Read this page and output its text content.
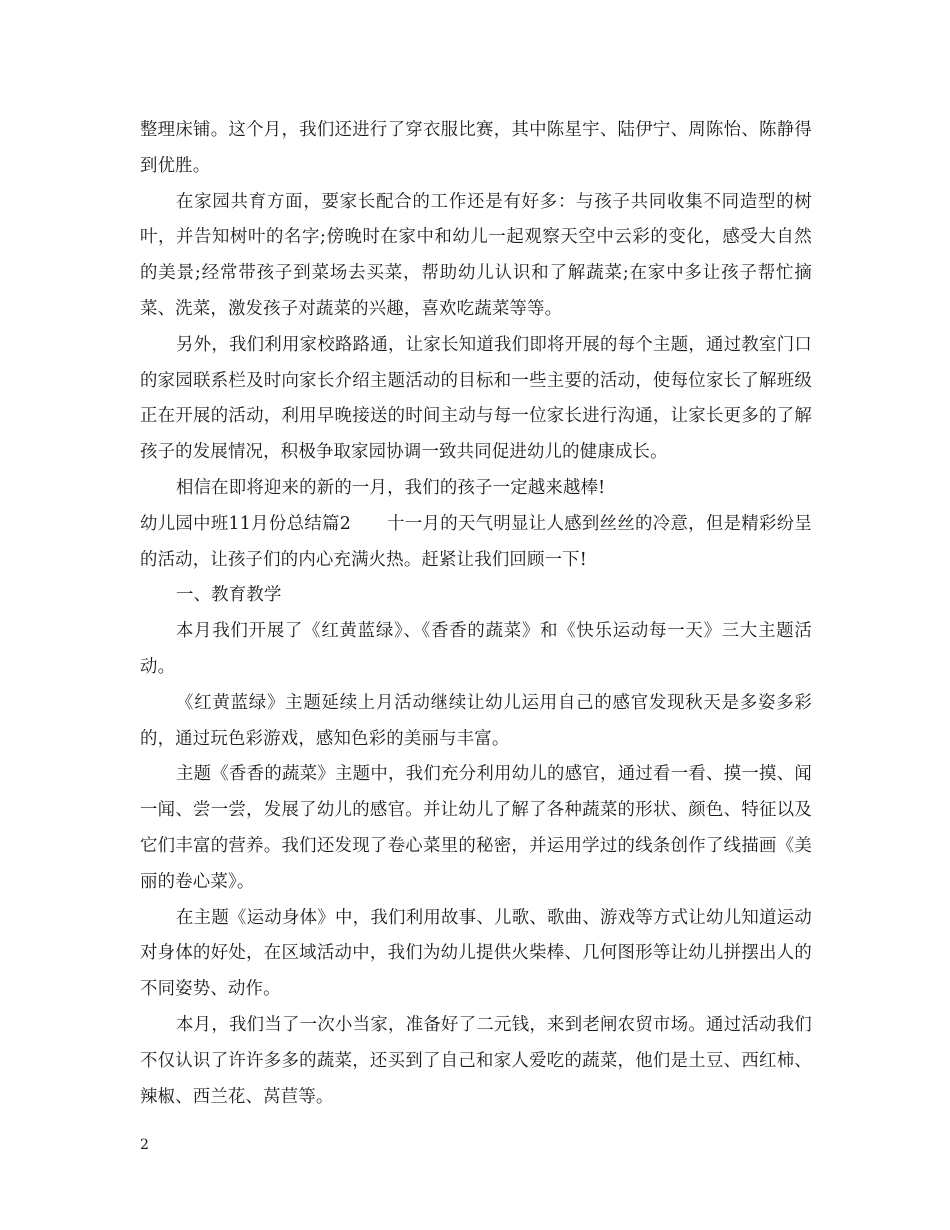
整理床铺。这个月，我们还进行了穿衣服比赛，其中陈星宇、陆伊宁、周陈怡、陈静得到优胜。

在家园共育方面，要家长配合的工作还是有好多：与孩子共同收集不同造型的树叶，并告知树叶的名字;傍晚时在家中和幼儿一起观察天空中云彩的变化，感受大自然的美景;经常带孩子到菜场去买菜，帮助幼儿认识和了解蔬菜;在家中多让孩子帮忙摘菜、洗菜，激发孩子对蔬菜的兴趣，喜欢吃蔬菜等等。

另外，我们利用家校路路通，让家长知道我们即将开展的每个主题，通过教室门口的家园联系栏及时向家长介绍主题活动的目标和一些主要的活动，使每位家长了解班级正在开展的活动，利用早晚接送的时间主动与每一位家长进行沟通，让家长更多的了解孩子的发展情况，积极争取家园协调一致共同促进幼儿的健康成长。

相信在即将迎来的新的一月，我们的孩子一定越来越棒!

幼儿园中班11月份总结篇2 十一月的天气明显让人感到丝丝的冷意，但是精彩纷呈的活动，让孩子们的内心充满火热。赶紧让我们回顾一下!

一、教育教学

本月我们开展了《红黄蓝绿》、《香香的蔬菜》和《快乐运动每一天》三大主题活动。

《红黄蓝绿》主题延续上月活动继续让幼儿运用自己的感官发现秋天是多姿多彩的，通过玩色彩游戏，感知色彩的美丽与丰富。

主题《香香的蔬菜》主题中，我们充分利用幼儿的感官，通过看一看、摸一摸、闻一闻、尝一尝，发展了幼儿的感官。并让幼儿了解了各种蔬菜的形状、颜色、特征以及它们丰富的营养。我们还发现了卷心菜里的秘密，并运用学过的线条创作了线描画《美丽的卷心菜》。

在主题《运动身体》中，我们利用故事、儿歌、歌曲、游戏等方式让幼儿知道运动对身体的好处，在区域活动中，我们为幼儿提供火柴棒、几何图形等让幼儿拼摆出人的不同姿势、动作。

本月，我们当了一次小当家，准备好了二元钱，来到老闸农贸市场。通过活动我们不仅认识了许许多多的蔬菜，还买到了自己和家人爱吃的蔬菜，他们是土豆、西红柿、辣椒、西兰花、莴苣等。

2
